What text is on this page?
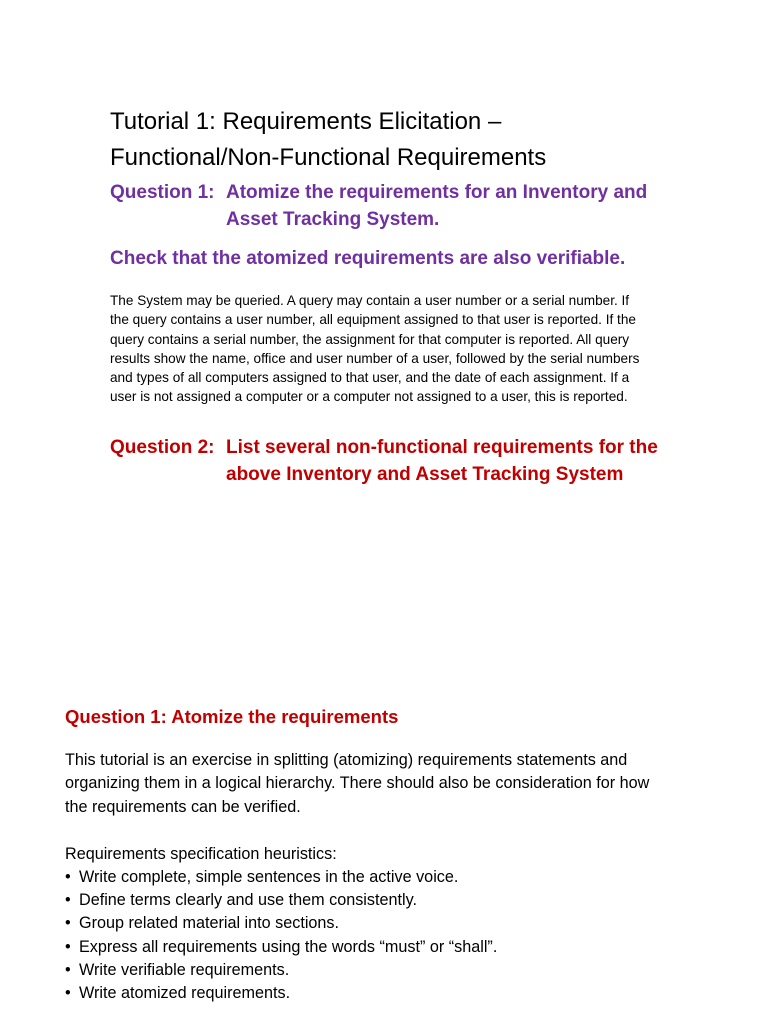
Tutorial 1: Requirements Elicitation –
Functional/Non-Functional Requirements
Question 1: Atomize the requirements for an Inventory and
Asset Tracking System.
Check that the atomized requirements are also verifiable.
The System may be queried. A query may contain a user number or a serial number. If
the query contains a user number, all equipment assigned to that user is reported. If the
query contains a serial number, the assignment for that computer is reported. All query
results show the name, office and user number of a user, followed by the serial numbers
and types of all computers assigned to that user, and the date of each assignment. If a
user is not assigned a computer or a computer not assigned to a user, this is reported.
Question 2: List several non-functional requirements for the
above Inventory and Asset Tracking System
Question 1: Atomize the requirements
This tutorial is an exercise in splitting (atomizing) requirements statements and
organizing them in a logical hierarchy. There should also be consideration for how
the requirements can be verified.
Requirements specification heuristics:
• Write complete, simple sentences in the active voice.
• Define terms clearly and use them consistently.
• Group related material into sections.
• Express all requirements using the words “must” or “shall”.
• Write verifiable requirements.
• Write atomized requirements.
